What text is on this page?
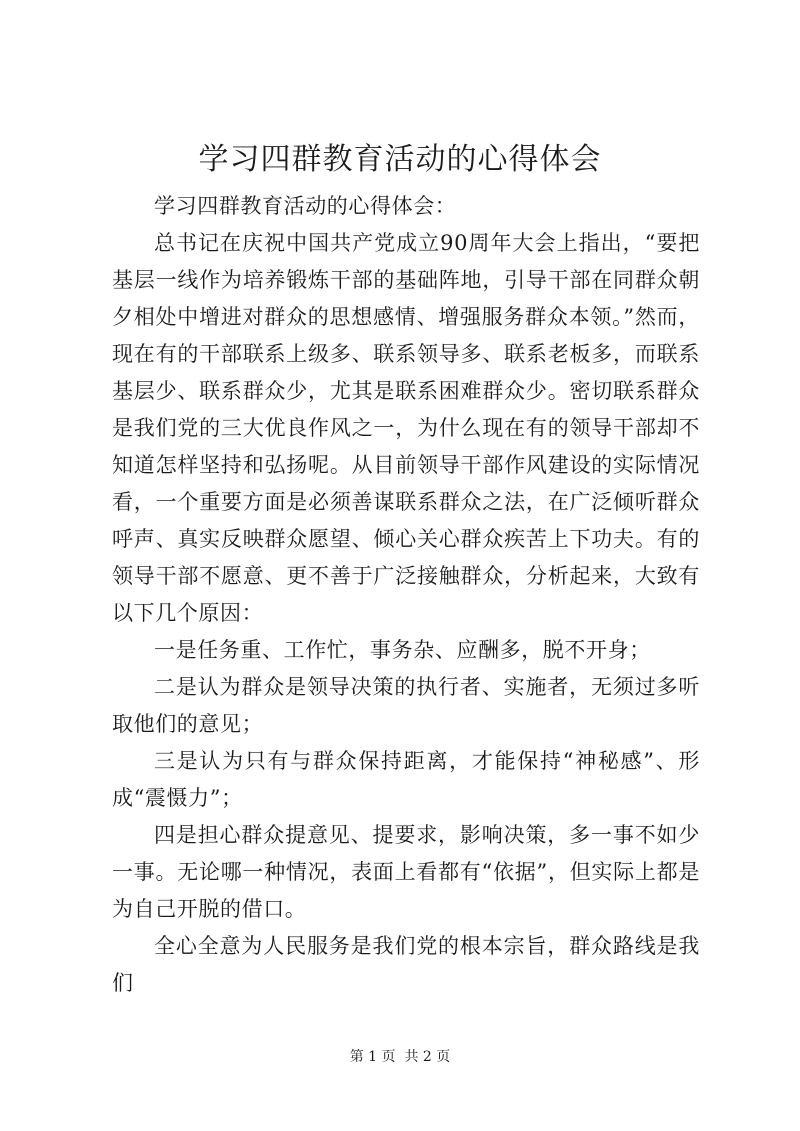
学习四群教育活动的心得体会

学习四群教育活动的心得体会：

总书记在庆祝中国共产党成立90周年大会上指出，“要把基层一线作为培养锻炼干部的基础阵地，引导干部在同群众朝夕相处中增进对群众的思想感情、增强服务群众本领。”然而，现在有的干部联系上级多、联系领导多、联系老板多，而联系基层少、联系群众少，尤其是联系困难群众少。密切联系群众是我们党的三大优良作风之一，为什么现在有的领导干部却不知道怎样坚持和弘扬呢。从目前领导干部作风建设的实际情况看，一个重要方面是必须善谋联系群众之法，在广泛倾听群众呼声、真实反映群众愿望、倾心关心群众疾苦上下功夫。有的领导干部不愿意、更不善于广泛接触群众，分析起来，大致有以下几个原因：

一是任务重、工作忙，事务杂、应酬多，脱不开身；

二是认为群众是领导决策的执行者、实施者，无须过多听取他们的意见；

三是认为只有与群众保持距离，才能保持“神秘感”、形成“震慑力”；

四是担心群众提意见、提要求，影响决策，多一事不如少一事。无论哪一种情况，表面上看都有“依据”，但实际上都是为自己开脱的借口。

全心全意为人民服务是我们党的根本宗旨，群众路线是我们

第 1 页  共 2 页
